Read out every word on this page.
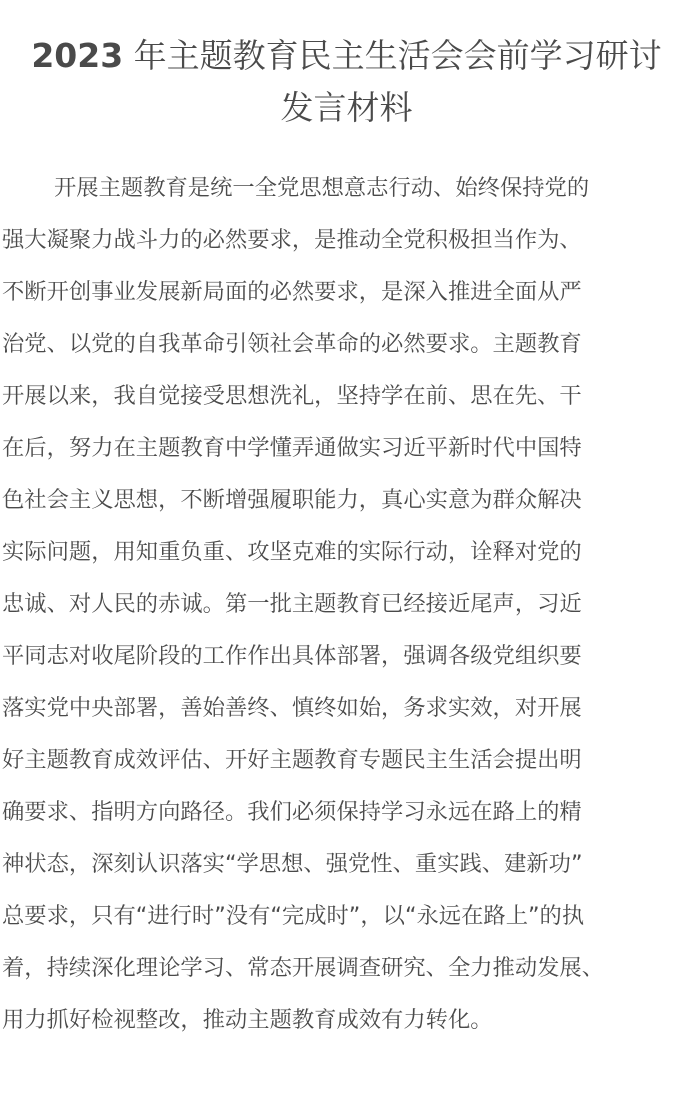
2023 年主题教育民主生活会会前学习研讨
发言材料
开展主题教育是统一全党思想意志行动、始终保持党的
强大凝聚力战斗力的必然要求，是推动全党积极担当作为、
不断开创事业发展新局面的必然要求，是深入推进全面从严
治党、以党的自我革命引领社会革命的必然要求。主题教育
开展以来，我自觉接受思想洗礼，坚持学在前、思在先、干
在后，努力在主题教育中学懂弄通做实习近平新时代中国特
色社会主义思想，不断增强履职能力，真心实意为群众解决
实际问题，用知重负重、攻坚克难的实际行动，诠释对党的
忠诚、对人民的赤诚。第一批主题教育已经接近尾声，习近
平同志对收尾阶段的工作作出具体部署，强调各级党组织要
落实党中央部署，善始善终、慎终如始，务求实效，对开展
好主题教育成效评估、开好主题教育专题民主生活会提出明
确要求、指明方向路径。我们必须保持学习永远在路上的精
神状态，深刻认识落实“学思想、强党性、重实践、建新功”
总要求，只有“进行时”没有“完成时”，以“永远在路上”的执
着，持续深化理论学习、常态开展调查研究、全力推动发展、
用力抓好检视整改，推动主题教育成效有力转化。
